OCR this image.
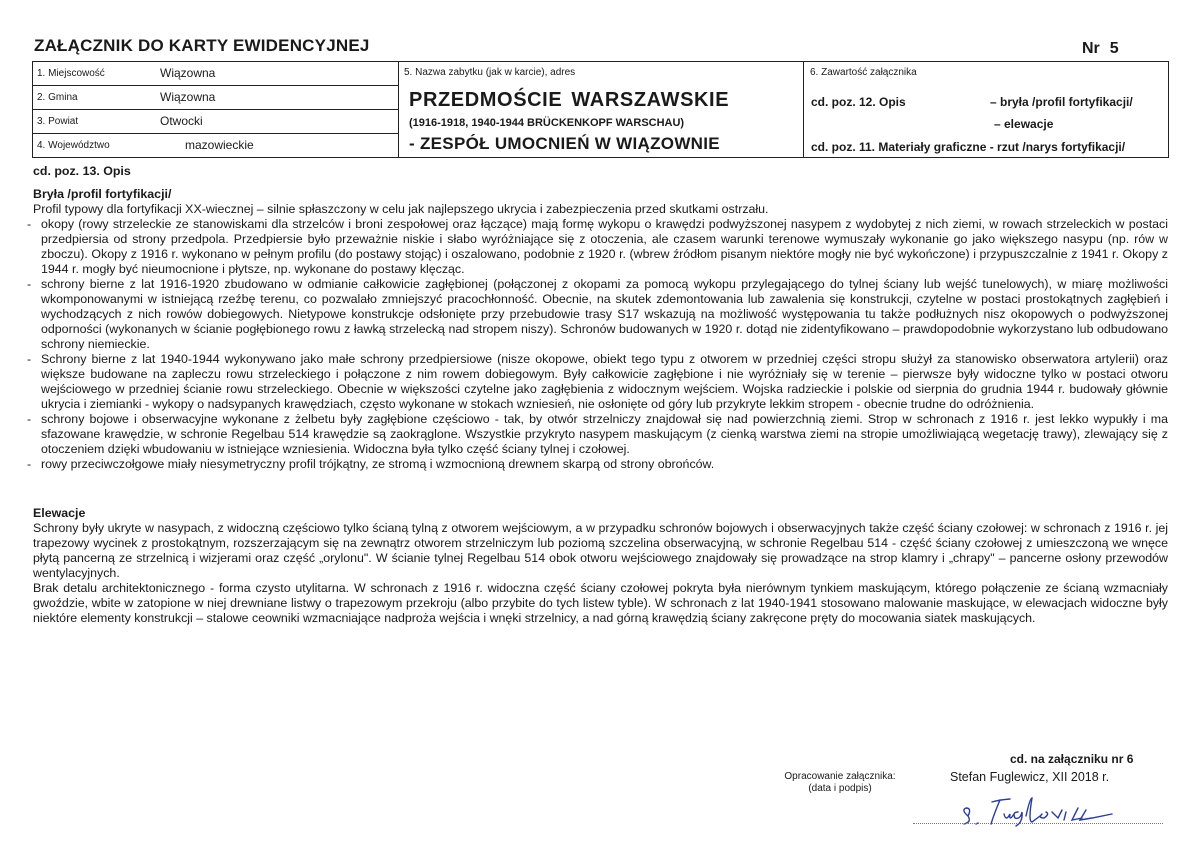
ZAŁĄCZNIK DO KARTY EWIDENCYJNEJ	Nr 5
1. Miejscowość	Wiązowna
2. Gmina	Wiązowna
3. Powiat	Otwocki
4. Województwo	mazowieckie
5. Nazwa zabytku (jak w karcie), adres
PRZEDMOŚCIE WARSZAWSKIE
(1916-1918, 1940-1944 BRÜCKENKOPF WARSCHAU)
- ZESPÓŁ UMOCNIEŃ W WIĄZOWNIE
6. Zawartość załącznika
cd. poz. 12. Opis	– bryła /profil fortyfikacji/
– elewacje
cd. poz. 11. Materiały graficzne - rzut /narys fortyfikacji/
cd. poz. 13. Opis
Bryła /profil fortyfikacji/
Profil typowy dla fortyfikacji XX-wiecznej – silnie spłaszczony w celu jak najlepszego ukrycia i zabezpieczenia przed skutkami ostrzału.
- okopy (rowy strzeleckie ze stanowiskami dla strzelców i broni zespołowej oraz łączące) mają formę wykopu o krawędzi podwyższonej nasypem z wydobytej z nich ziemi, w rowach strzeleckich w postaci przedpiersia od strony przedpola. Przedpiersie było przeważnie niskie i słabo wyróżniające się z otoczenia, ale czasem warunki terenowe wymuszały wykonanie go jako większego nasypu (np. rów w zboczu). Okopy z 1916 r. wykonano w pełnym profilu (do postawy stojąc) i oszalowano, podobnie z 1920 r. (wbrew źródłom pisanym niektóre mogły nie być wykończone) i przypuszczalnie z 1941 r. Okopy z 1944 r. mogły być nieumocnione i płytsze, np. wykonane do postawy klęcząc.
- schrony bierne z lat 1916-1920 zbudowano w odmianie całkowicie zagłębionej (połączonej z okopami za pomocą wykopu przylegającego do tylnej ściany lub wejść tunelowych), w miarę możliwości wkomponowanymi w istniejącą rzeźbę terenu, co pozwalało zmniejszyć pracochłonność. Obecnie, na skutek zdemontowania lub zawalenia się konstrukcji, czytelne w postaci prostokątnych zagłębień i wychodzących z nich rowów dobiegowych. Nietypowe konstrukcje odsłonięte przy przebudowie trasy S17 wskazują na możliwość występowania tu także podłużnych nisz okopowych o podwyższonej odporności (wykonanych w ścianie pogłębionego rowu z ławką strzelecką nad stropem niszy). Schronów budowanych w 1920 r. dotąd nie zidentyfikowano – prawdopodobnie wykorzystano lub odbudowano schrony niemieckie.
- Schrony bierne z lat 1940-1944 wykonywano jako małe schrony przedpiersiowe (nisze okopowe, obiekt tego typu z otworem w przedniej części stropu służył za stanowisko obserwatora artylerii) oraz większe budowane na zapleczu rowu strzeleckiego i połączone z nim rowem dobiegowym. Były całkowicie zagłębione i nie wyróżniały się w terenie – pierwsze były widoczne tylko w postaci otworu wejściowego w przedniej ścianie rowu strzeleckiego. Obecnie w większości czytelne jako zagłębienia z widocznym wejściem. Wojska radzieckie i polskie od sierpnia do grudnia 1944 r. budowały głównie ukrycia i ziemianki - wykopy o nadsypanych krawędziach, często wykonane w stokach wzniesień, nie osłonięte od góry lub przykryte lekkim stropem - obecnie trudne do odróżnienia.
- schrony bojowe i obserwacyjne wykonane z żelbetu były zagłębione częściowo - tak, by otwór strzelniczy znajdował się nad powierzchnią ziemi. Strop w schronach z 1916 r. jest lekko wypukły i ma sfazowane krawędzie, w schronie Regelbau 514 krawędzie są zaokrąglone. Wszystkie przykryto nasypem maskującym (z cienką warstwa ziemi na stropie umożliwiającą wegetację trawy), zlewający się z otoczeniem dzięki wbudowaniu w istniejące wzniesienia. Widoczna była tylko część ściany tylnej i czołowej.
- rowy przeciwczołgowe miały niesymetryczny profil trójkątny, ze stromą i wzmocnioną drewnem skarpą od strony obrońców.
Elewacje
Schrony były ukryte w nasypach, z widoczną częściowo tylko ścianą tylną z otworem wejściowym, a w przypadku schronów bojowych i obserwacyjnych także część ściany czołowej: w schronach z 1916 r. jej trapezowy wycinek z prostokątnym, rozszerzającym się na zewnątrz otworem strzelniczym lub poziomą szczelina obserwacyjną, w schronie Regelbau 514 - część ściany czołowej z umieszczoną we wnęce płytą pancerną ze strzelnicą i wizjerami oraz część „orylonu". W ścianie tylnej Regelbau 514 obok otworu wejściowego znajdowały się prowadzące na strop klamry i „chrapy" – pancerne osłony przewodów wentylacyjnych.
Brak detalu architektonicznego - forma czysto utylitarna. W schronach z 1916 r. widoczna część ściany czołowej pokryta była nierównym tynkiem maskującym, którego połączenie ze ścianą wzmacniały gwoździe, wbite w zatopione w niej drewniane listwy o trapezowym przekroju (albo przybite do tych listew tyble). W schronach z lat 1940-1941 stosowano malowanie maskujące, w elewacjach widoczne były niektóre elementy konstrukcji – stalowe ceowniki wzmacniające nadproża wejścia i wnęki strzelnicy, a nad górną krawędzią ściany zakręcone pręty do mocowania siatek maskujących.
cd. na załączniku nr 6
Opracowanie załącznika:
(data i podpis)
Stefan Fuglewicz, XII 2018 r.
